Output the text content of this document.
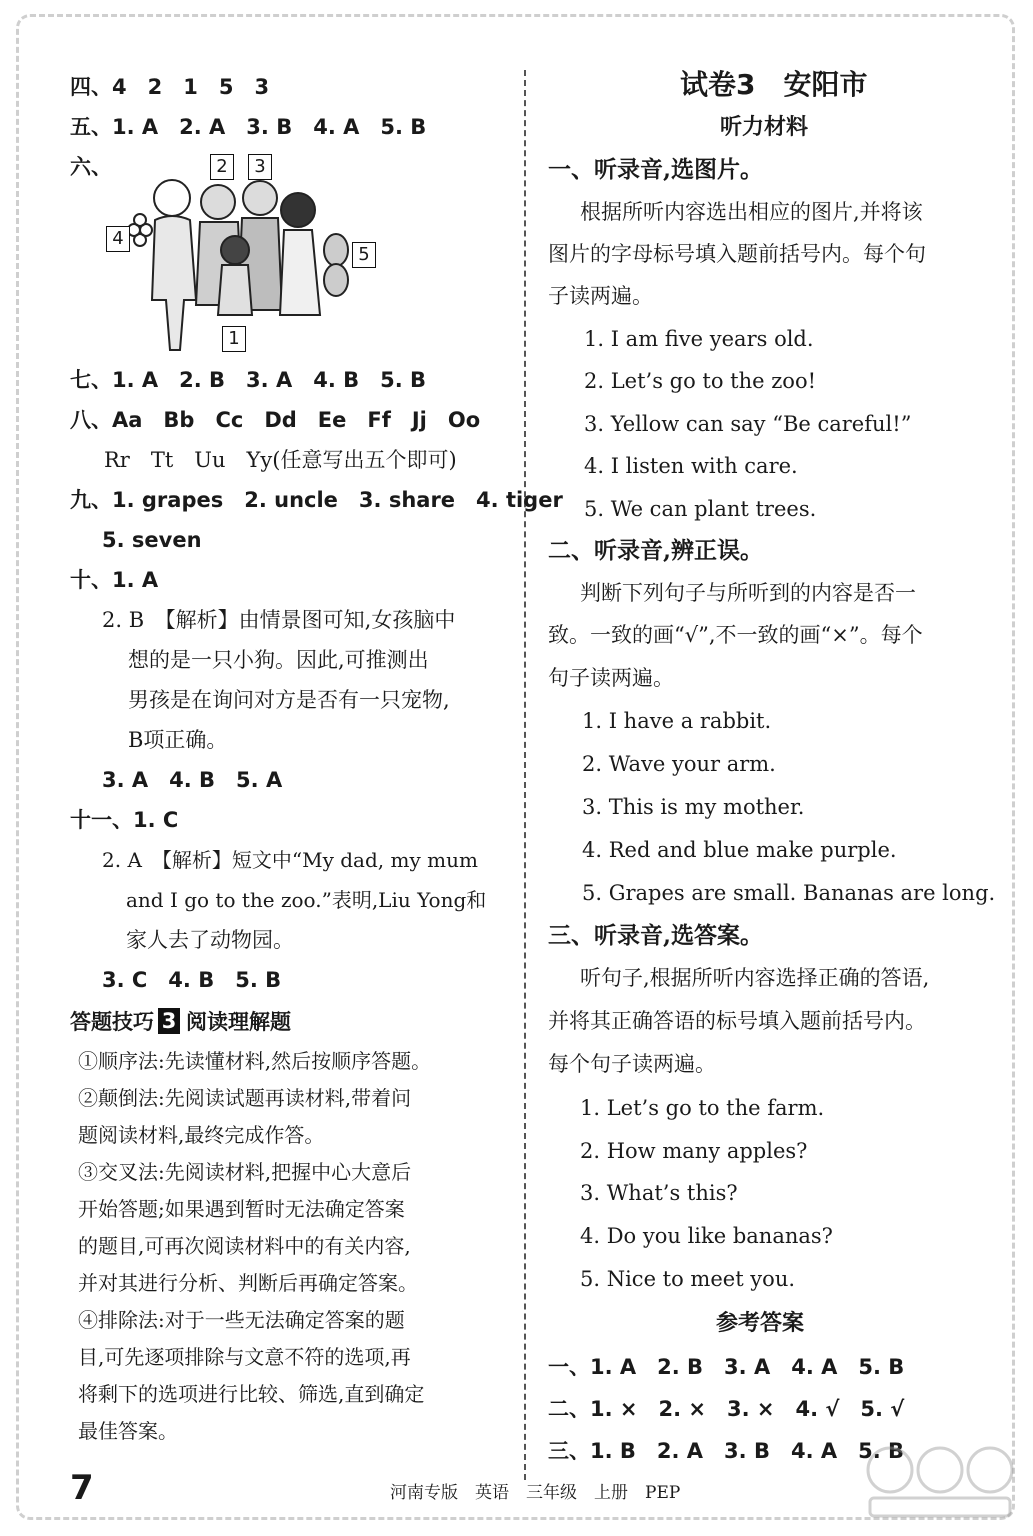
四、4　2　1　5　3
五、1. A　2. A　3. B　4. A　5. B
六、	2	3
4
5
1
七、1. A　2. B　3. A　4. B　5. B
八、Aa　Bb　Cc　Dd　Ee　Ff　Jj　Oo
Rr　Tt　Uu　Yy(任意写出五个即可)
九、1. grapes　2. uncle　3. share　4. tiger
5. seven
十、1. A
2. B　【解析】由情景图可知,女孩脑中
想的是一只小狗。因此,可推测出
男孩是在询问对方是否有一只宠物,
B项正确。
3. A　4. B　5. A
十一、1. C
2. A　【解析】短文中“My dad, my mum
and I go to the zoo.”表明,Liu Yong和
家人去了动物园。
3. C　4. B　5. B
答题技巧 3 阅读理解题
①顺序法:先读懂材料,然后按顺序答题。
②颠倒法:先阅读试题再读材料,带着问
题阅读材料,最终完成作答。
③交叉法:先阅读材料,把握中心大意后
开始答题;如果遇到暂时无法确定答案
的题目,可再次阅读材料中的有关内容,
并对其进行分析、判断后再确定答案。
④排除法:对于一些无法确定答案的题
目,可先逐项排除与文意不符的选项,再
将剩下的选项进行比较、筛选,直到确定
最佳答案。
试卷3　安阳市
听力材料
一、听录音,选图片。
根据所听内容选出相应的图片,并将该
图片的字母标号填入题前括号内。每个句
子读两遍。
1. I am five years old.
2. Let’s go to the zoo!
3. Yellow can say “Be careful!”
4. I listen with care.
5. We can plant trees.
二、听录音,辨正误。
判断下列句子与所听到的内容是否一
致。一致的画“√”,不一致的画“×”。每个
句子读两遍。
1. I have a rabbit.
2. Wave your arm.
3. This is my mother.
4. Red and blue make purple.
5. Grapes are small. Bananas are long.
三、听录音,选答案。
听句子,根据所听内容选择正确的答语,
并将其正确答语的标号填入题前括号内。
每个句子读两遍。
1. Let’s go to the farm.
2. How many apples?
3. What’s this?
4. Do you like bananas?
5. Nice to meet you.
参考答案
一、1. A　2. B　3. A　4. A　5. B
二、1. ×　2. ×　3. ×　4. √　5. √
三、1. B　2. A　3. B　4. A　5. B
7	河南专版　英语　三年级　上册　PEP
